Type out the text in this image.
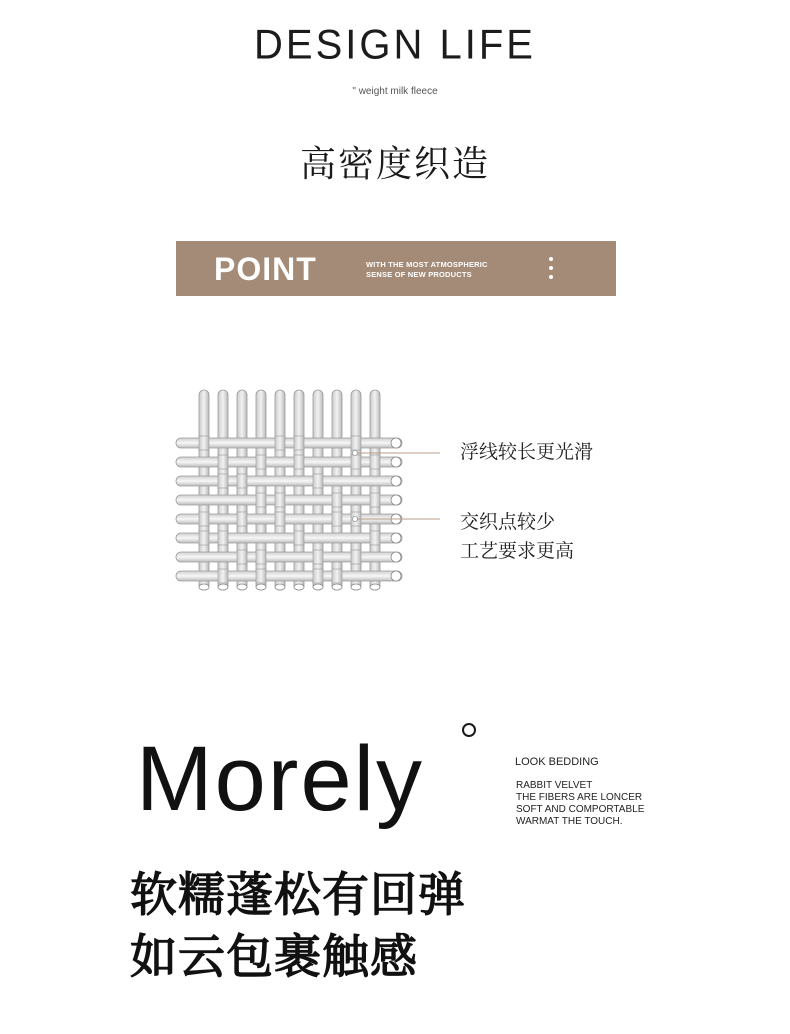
DESIGN LIFE
" weight milk fleece
高密度织造
POINT	WITH THE MOST ATMOSPHERIC
SENSE OF NEW PRODUCTS
浮线较长更光滑
交织点较少
工艺要求更高
Morely	LOOK BEDDING
RABBIT VELVET
THE FIBERS ARE LONCER
SOFT AND COMPORTABLE
WARMAT THE TOUCH.
软糯蓬松有回弹
如云包裹触感
